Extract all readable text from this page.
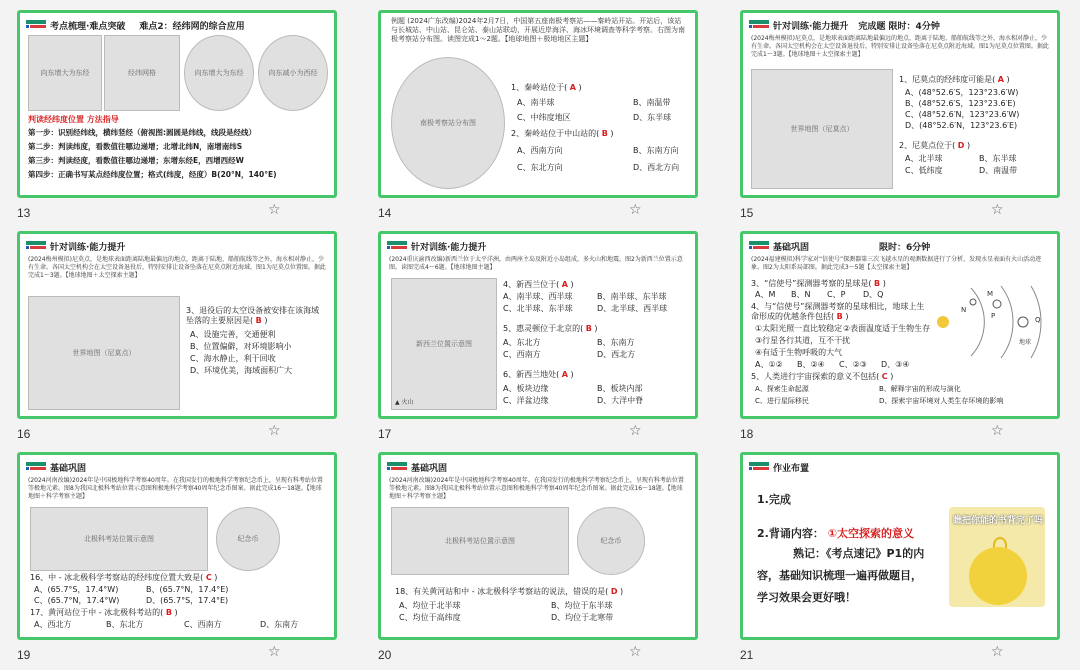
考点梳理·难点突破 难点2：经纬网的综合应用
向东增大为东经	经纬网格	向东增大为东经	向东减小为西经
判读经纬度位置 方法指导
第一步：识别经纬线，横纬竖经（俯视图:圆圆是纬线，线段是经线）
第二步：判读纬度，看数值往哪边递增；北增北纬N，南增南纬S
第三步：判读经度，看数值往哪边递增；东增东经E，西增西经W
第四步：正确书写某点经纬度位置；格式(纬度，经度）B(20°N，140°E)
13	☆
例题 (2024广东改编)2024年2月7日，中国第五座南极考察站——秦岭站开站。开站后，该站与长城站、中山站、昆仑站、泰山站联动，开展近岸海洋、海冰环境调查等科学考察。右图为南极考察站分布图。读图完成1～2题。【地球地图＋极地地区主题】
南极考察站分布图
1、秦岭站位于( A )
A、南半球	B、南温带
C、中纬度地区	D、东半球
2、秦岭站位于中山站的( B )
A、西南方向	B、东南方向
C、东北方向	D、西北方向
14	☆
针对训练·能力提升 完成题 限时：4分钟
(2024梅州模拟)尼莫点，是地球表面距离陆地最偏远的地点，距离于陆地、船舶航线等之外，海水相对静止，少有生命。各国太空机构会在太空设备退役后，特别安排让设备坠落在尼莫点附近海域。图1为尼莫点位置图。据此完成1～3题。【地球地图＋太空探索主题】
世界地图（尼莫点）
1、尼莫点的经纬度可能是( A )
A、(48°52.6′S，123°23.6′W)
B、(48°52.6′S，123°23.6′E)
C、(48°52.6′N，123°23.6′W)
D、(48°52.6′N，123°23.6′E)
2、尼莫点位于( D )
A、北半球	B、东半球
C、低纬度	D、南温带
15	☆
针对训练·能力提升
(2024梅州模拟)尼莫点，是地球表面距离陆地最偏远的地点，距离于陆地、船舶航线等之外，海水相对静止，少有生命。各国太空机构会在太空设备退役后，特别安排让设备坠落在尼莫点附近海域。图1为尼莫点位置图。据此完成1～3题。【地球地图＋太空探索主题】
世界地图（尼莫点）
3、退役后的太空设备被安排在该海域坠落的主要原因是( B )
A、设施完善，交通便利
B、位置偏僻，对环境影响小
C、海水静止，利于回收
D、环境优美，海域面积广大
16	☆
针对训练·能力提升
(2024重庆渝西改编)新西兰位于太平洋洲，由两座主岛及附近小岛组成，多火山和地震。图2为新西兰位置示意图。读图完成4～6题。【地球地图主题】
新西兰位置示意图
▲ 火山
4、新西兰位于( A )
A、南半球、西半球	B、南半球、东半球
C、北半球、东半球	D、北半球、西半球
5、惠灵顿位于北京的( B )
A、东北方	B、东南方
C、西南方	D、西北方
6、新西兰地处( A )
A、板块边缘	B、板块内部
C、洋盆边缘	D、大洋中脊
17	☆
基础巩固	限时：6分钟
(2024福建模拟)科学家对“信使号”探测器第三次飞越水星的观测数据进行了分析，发现水星表面有火山活动迹象。图2为太阳系局部图。据此完成3～5题【太空探索主题】
3、“信使号”探测器考察的星球是( B )
A、M B、N C、P D、Q
4、与“信使号”探测器考察的星球相比，地球上生命形成的优越条件包括( B )
①太阳光照一直比较稳定 ②表面温度适于生物生存
③行星各行其道，互不干扰
④有适于生物呼吸的大气
A、①② B、②④ C、②③ D、③④
5、人类进行宇宙探索的意义不包括( C )
A、探索生命起源	B、解释宇宙的形成与演化
C、进行星际移民	D、探索宇宙环境对人类生存环境的影响
N
M
P	Q
地球
18	☆
基础巩固
(2024河南改编)2024年是中国极地科学考察40周年。在我国发行的极地科学考察纪念币上，呈现有科考站位置等极地元素。图8为我国北极科考站位置示意图和极地科学考察40周年纪念币图案。据此完成16～18题。【地球地图＋科学考察主题】
北极科考站位置示意图	纪念币
16、中 - 冰北极科学考察站的经纬度位置大致是( C )
A、(65.7°S，17.4°W)	B、(65.7°N，17.4°E)
C、(65.7°N，17.4°W)	D、(65.7°S，17.4°E)
17、黄河站位于中 - 冰北极科考站的( B )
A、西北方	B、东北方	C、西南方	D、东南方
19	☆
基础巩固
(2024河南改编)2024年是中国极地科学考察40周年。在我国发行的极地科学考察纪念币上，呈现有科考站位置等极地元素。图8为我国北极科考站位置示意图和极地科学考察40周年纪念币图案。据此完成16～18题。【地球地图＋科学考察主题】
北极科考站位置示意图	纪念币
18、有关黄河站和中 - 冰北极科学考察站的说法，错误的是( D )
A、均位于北半球	B、均位于东半球
C、均位于高纬度	D、均位于北寒带
20	☆
作业布置
1.完成
2.背诵内容： ①太空探索的意义
熟记：《考点速记》P1的内
容，基础知识梳理一遍再做题目，
学习效果会更好哦！
瞧把你能的书背完了吗
21	☆
